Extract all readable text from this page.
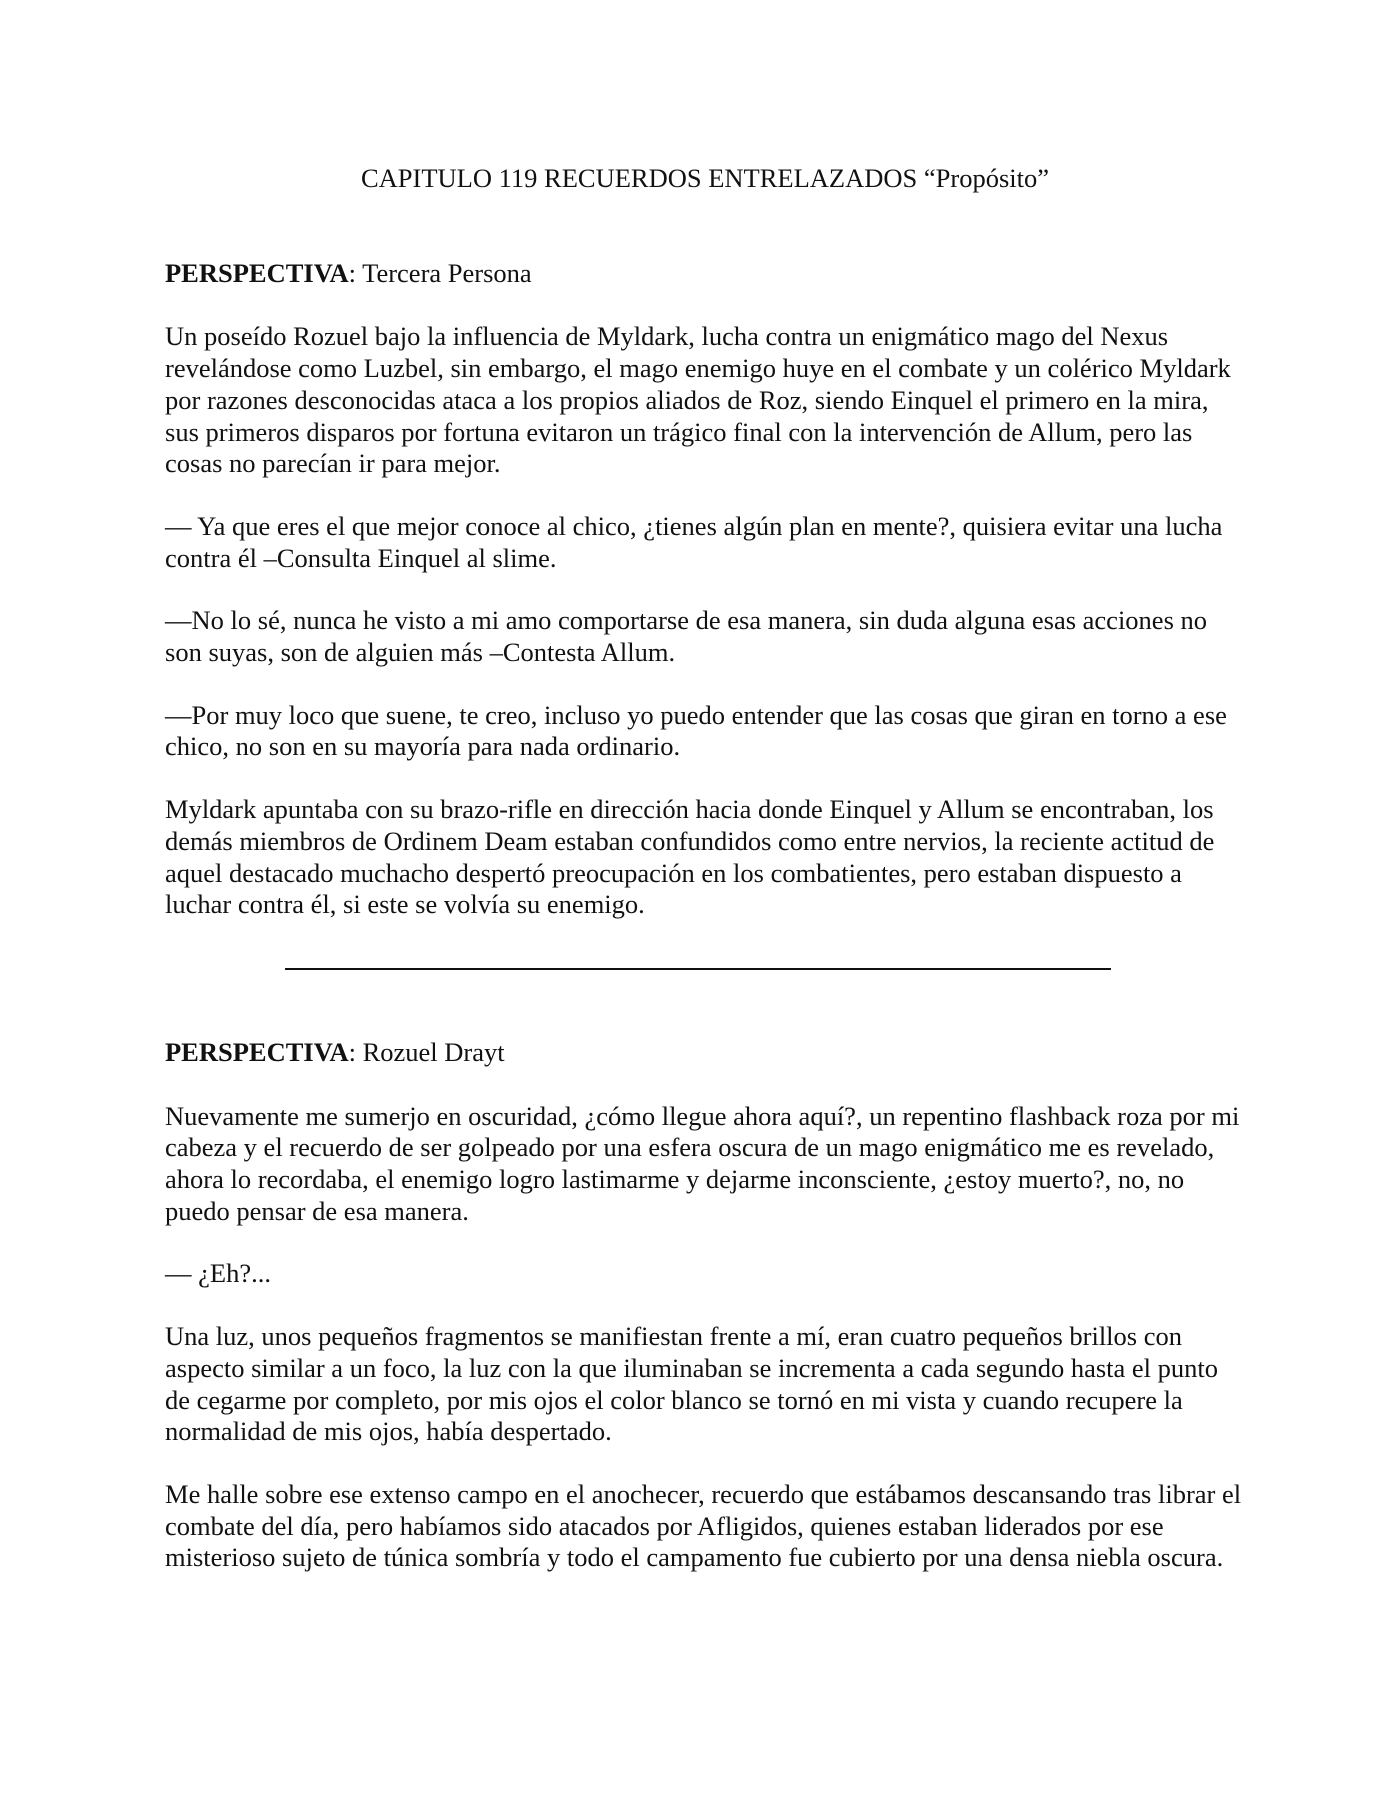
CAPITULO 119 RECUERDOS ENTRELAZADOS “Propósito”

PERSPECTIVA: Tercera Persona

Un poseído Rozuel bajo la influencia de Myldark, lucha contra un enigmático mago del Nexus revelándose como Luzbel, sin embargo, el mago enemigo huye en el combate y un colérico Myldark por razones desconocidas ataca a los propios aliados de Roz, siendo Einquel el primero en la mira, sus primeros disparos por fortuna evitaron un trágico final con la intervención de Allum, pero las cosas no parecían ir para mejor.

— Ya que eres el que mejor conoce al chico, ¿tienes algún plan en mente?, quisiera evitar una lucha contra él –Consulta Einquel al slime.

—No lo sé, nunca he visto a mi amo comportarse de esa manera, sin duda alguna esas acciones no son suyas, son de alguien más –Contesta Allum.

—Por muy loco que suene, te creo, incluso yo puedo entender que las cosas que giran en torno a ese chico, no son en su mayoría para nada ordinario.

Myldark apuntaba con su brazo-rifle en dirección hacia donde Einquel y Allum se encontraban, los demás miembros de Ordinem Deam estaban confundidos como entre nervios, la reciente actitud de aquel destacado muchacho despertó preocupación en los combatientes, pero estaban dispuesto a luchar contra él, si este se volvía su enemigo.

PERSPECTIVA: Rozuel Drayt

Nuevamente me sumerjo en oscuridad, ¿cómo llegue ahora aquí?, un repentino flashback roza por mi cabeza y el recuerdo de ser golpeado por una esfera oscura de un mago enigmático me es revelado, ahora lo recordaba, el enemigo logro lastimarme y dejarme inconsciente, ¿estoy muerto?, no, no puedo pensar de esa manera.

— ¿Eh?...

Una luz, unos pequeños fragmentos se manifiestan frente a mí, eran cuatro pequeños brillos con aspecto similar a un foco, la luz con la que iluminaban se incrementa a cada segundo hasta el punto de cegarme por completo, por mis ojos el color blanco se tornó en mi vista y cuando recupere la normalidad de mis ojos, había despertado.

Me halle sobre ese extenso campo en el anochecer, recuerdo que estábamos descansando tras librar el combate del día, pero habíamos sido atacados por Afligidos, quienes estaban liderados por ese misterioso sujeto de túnica sombría y todo el campamento fue cubierto por una densa niebla oscura.
